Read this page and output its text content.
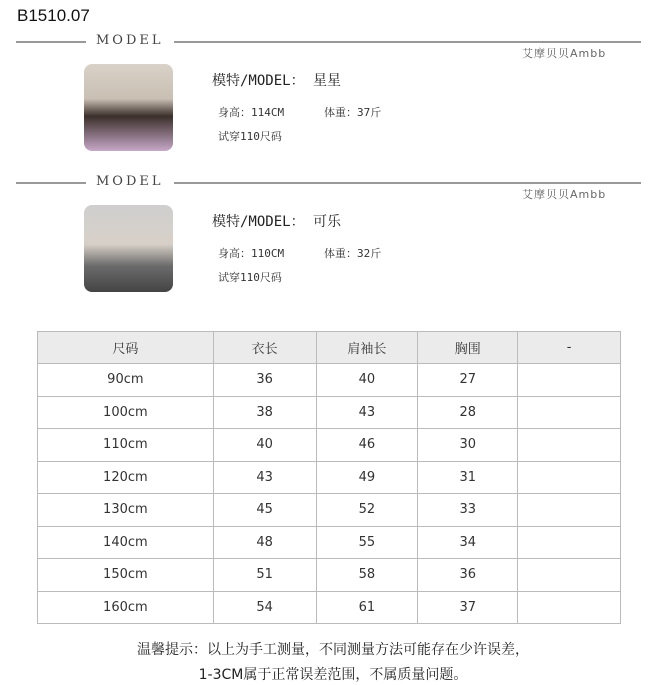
B1510.07
MODEL
艾摩贝贝Ambb
模特/MODEL： 星星
身高：114CM	体重：37斤
试穿110尺码
MODEL
艾摩贝贝Ambb
模特/MODEL： 可乐
身高：110CM	体重：32斤
试穿110尺码
尺码	衣长	肩袖长	胸围	-
90cm	36	40	27	
100cm	38	43	28	
110cm	40	46	30	
120cm	43	49	31	
130cm	45	52	33	
140cm	48	55	34	
150cm	51	58	36	
160cm	54	61	37	
温馨提示：以上为手工测量，不同测量方法可能存在少许误差，
1-3CM属于正常误差范围，不属质量问题。
